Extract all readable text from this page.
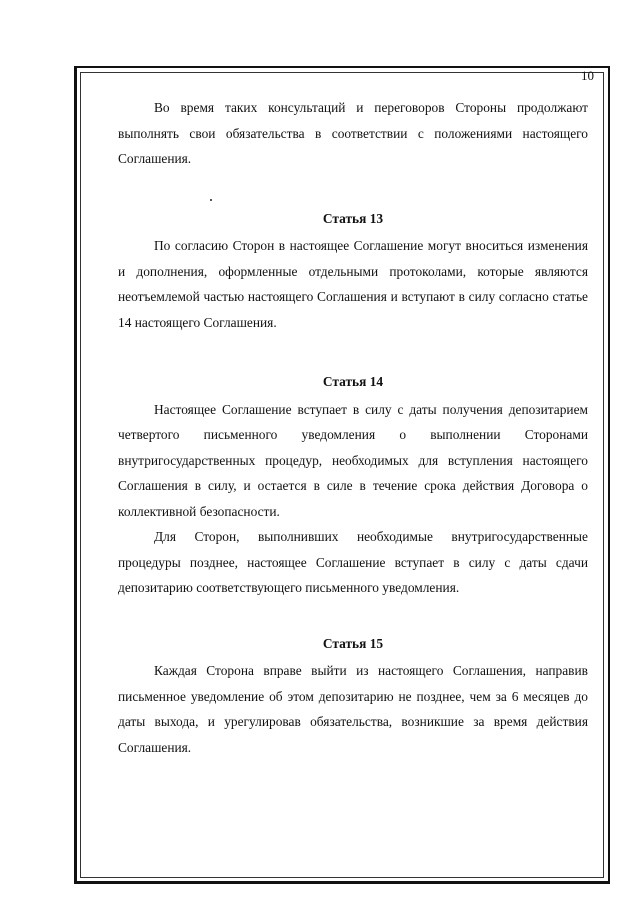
10

Во время таких консультаций и переговоров Стороны продолжают выполнять свои обязательства в соответствии с положениями настоящего Соглашения.

Статья 13

По согласию Сторон в настоящее Соглашение могут вноситься изменения и дополнения, оформленные отдельными протоколами, которые являются неотъемлемой частью настоящего Соглашения и вступают в силу согласно статье 14 настоящего Соглашения.

Статья 14

Настоящее Соглашение вступает в силу с даты получения депозитарием четвертого письменного уведомления о выполнении Сторонами внутригосударственных процедур, необходимых для вступления настоящего Соглашения в силу, и остается в силе в течение срока действия Договора о коллективной безопасности.

Для Сторон, выполнивших необходимые внутригосударственные процедуры позднее, настоящее Соглашение вступает в силу с даты сдачи депозитарию соответствующего письменного уведомления.

Статья 15

Каждая Сторона вправе выйти из настоящего Соглашения, направив письменное уведомление об этом депозитарию не позднее, чем за 6 месяцев до даты выхода, и урегулировав обязательства, возникшие за время действия Соглашения.
